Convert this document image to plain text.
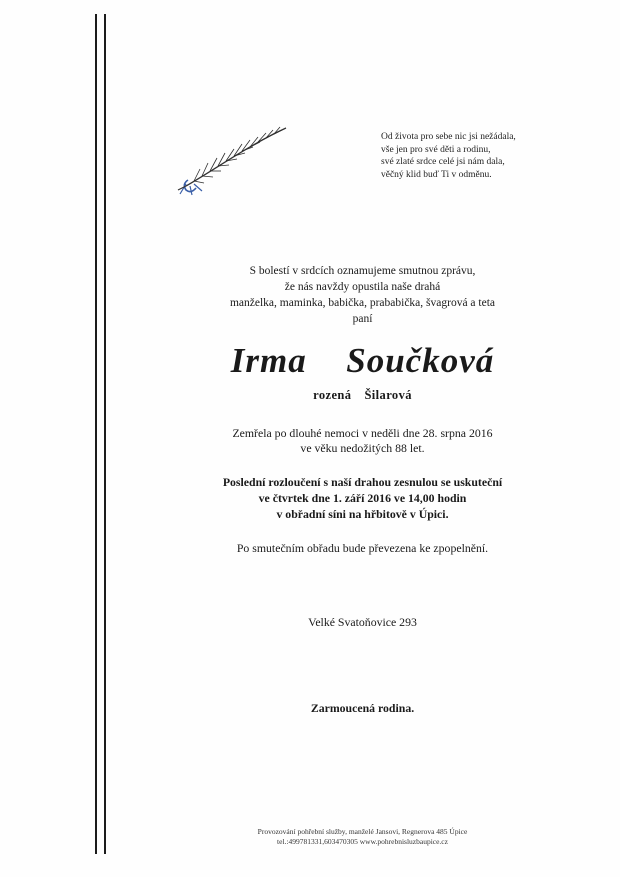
Od života pro sebe nic jsi nežádala,
vše jen pro své děti a rodinu,
své zlaté srdce celé jsi nám dala,
věčný klid buď Ti v odměnu.
S bolestí v srdcích oznamujeme smutnou zprávu,
že nás navždy opustila naše drahá
manželka, maminka, babička, prababička, švagrová a teta
paní
Irma  Součková
rozená  Šilarová
Zemřela po dlouhé nemoci v neděli dne 28. srpna 2016
ve věku nedožitých 88 let.
Poslední rozloučení s naší drahou zesnulou se uskuteční
ve čtvrtek dne 1. září 2016 ve 14,00 hodin
v obřadní síni na hřbitově v Úpici.
Po smutečním obřadu bude převezena ke zpopelnění.
Velké Svatoňovice 293
Zarmoucená rodina.
Provozování pohřební služby, manželé Jansovi, Regnerova 485 Úpice
tel.:499781331,603470305 www.pohrebnisluzbaupice.cz
